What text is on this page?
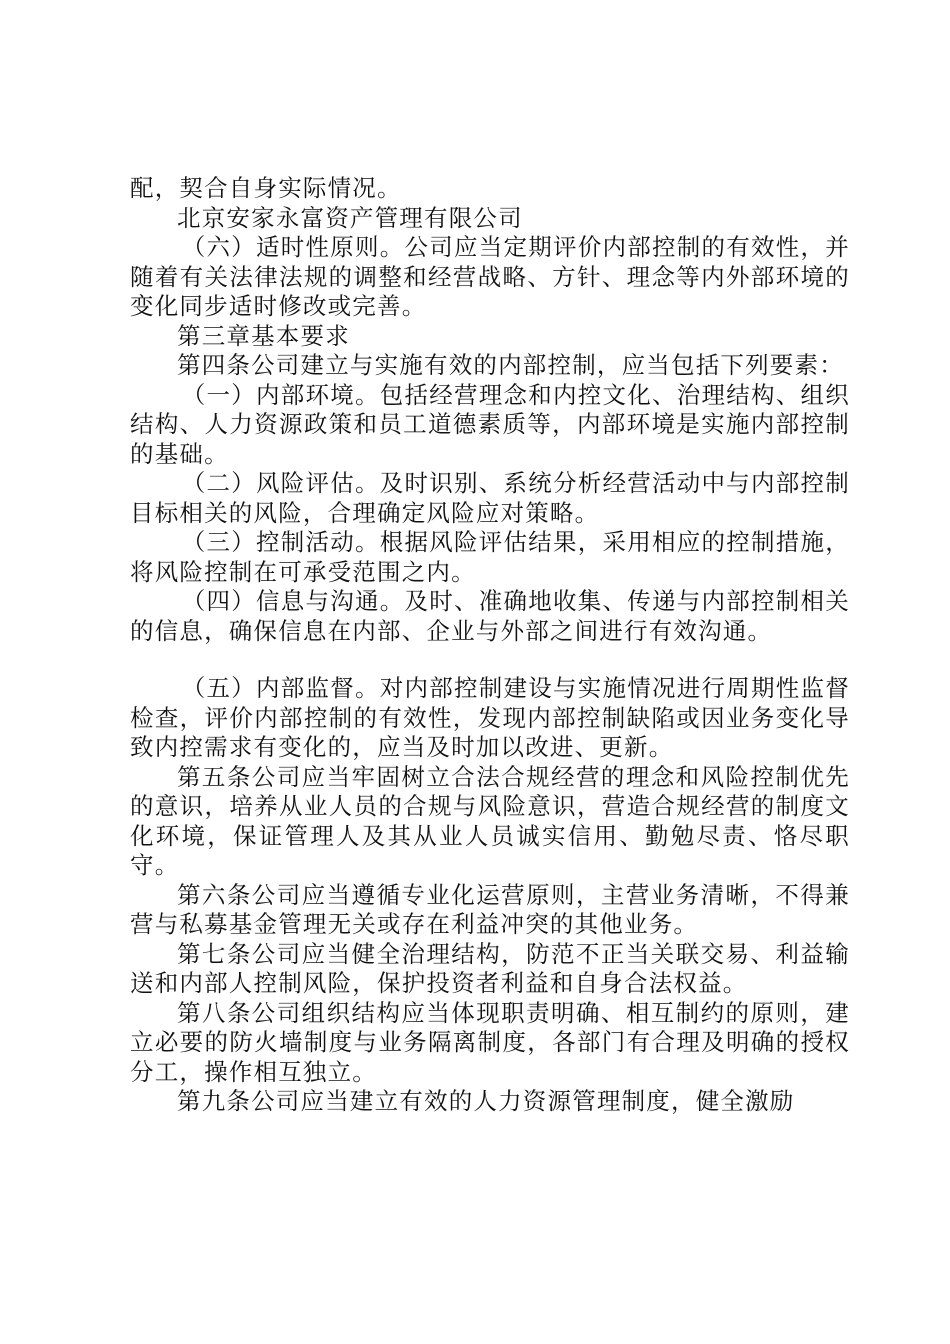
配，契合自身实际情况。

北京安家永富资产管理有限公司

（六）适时性原则。公司应当定期评价内部控制的有效性，并随着有关法律法规的调整和经营战略、方针、理念等内外部环境的变化同步适时修改或完善。

第三章基本要求

第四条公司建立与实施有效的内部控制，应当包括下列要素：

（一）内部环境。包括经营理念和内控文化、治理结构、组织结构、人力资源政策和员工道德素质等，内部环境是实施内部控制的基础。

（二）风险评估。及时识别、系统分析经营活动中与内部控制目标相关的风险，合理确定风险应对策略。

（三）控制活动。根据风险评估结果，采用相应的控制措施，将风险控制在可承受范围之内。

（四）信息与沟通。及时、准确地收集、传递与内部控制相关的信息，确保信息在内部、企业与外部之间进行有效沟通。

（五）内部监督。对内部控制建设与实施情况进行周期性监督检查，评价内部控制的有效性，发现内部控制缺陷或因业务变化导致内控需求有变化的，应当及时加以改进、更新。

第五条公司应当牢固树立合法合规经营的理念和风险控制优先的意识，培养从业人员的合规与风险意识，营造合规经营的制度文化环境，保证管理人及其从业人员诚实信用、勤勉尽责、恪尽职守。

第六条公司应当遵循专业化运营原则，主营业务清晰，不得兼营与私募基金管理无关或存在利益冲突的其他业务。

第七条公司应当健全治理结构，防范不正当关联交易、利益输送和内部人控制风险，保护投资者利益和自身合法权益。

第八条公司组织结构应当体现职责明确、相互制约的原则，建立必要的防火墙制度与业务隔离制度，各部门有合理及明确的授权分工，操作相互独立。

第九条公司应当建立有效的人力资源管理制度，健全激励
